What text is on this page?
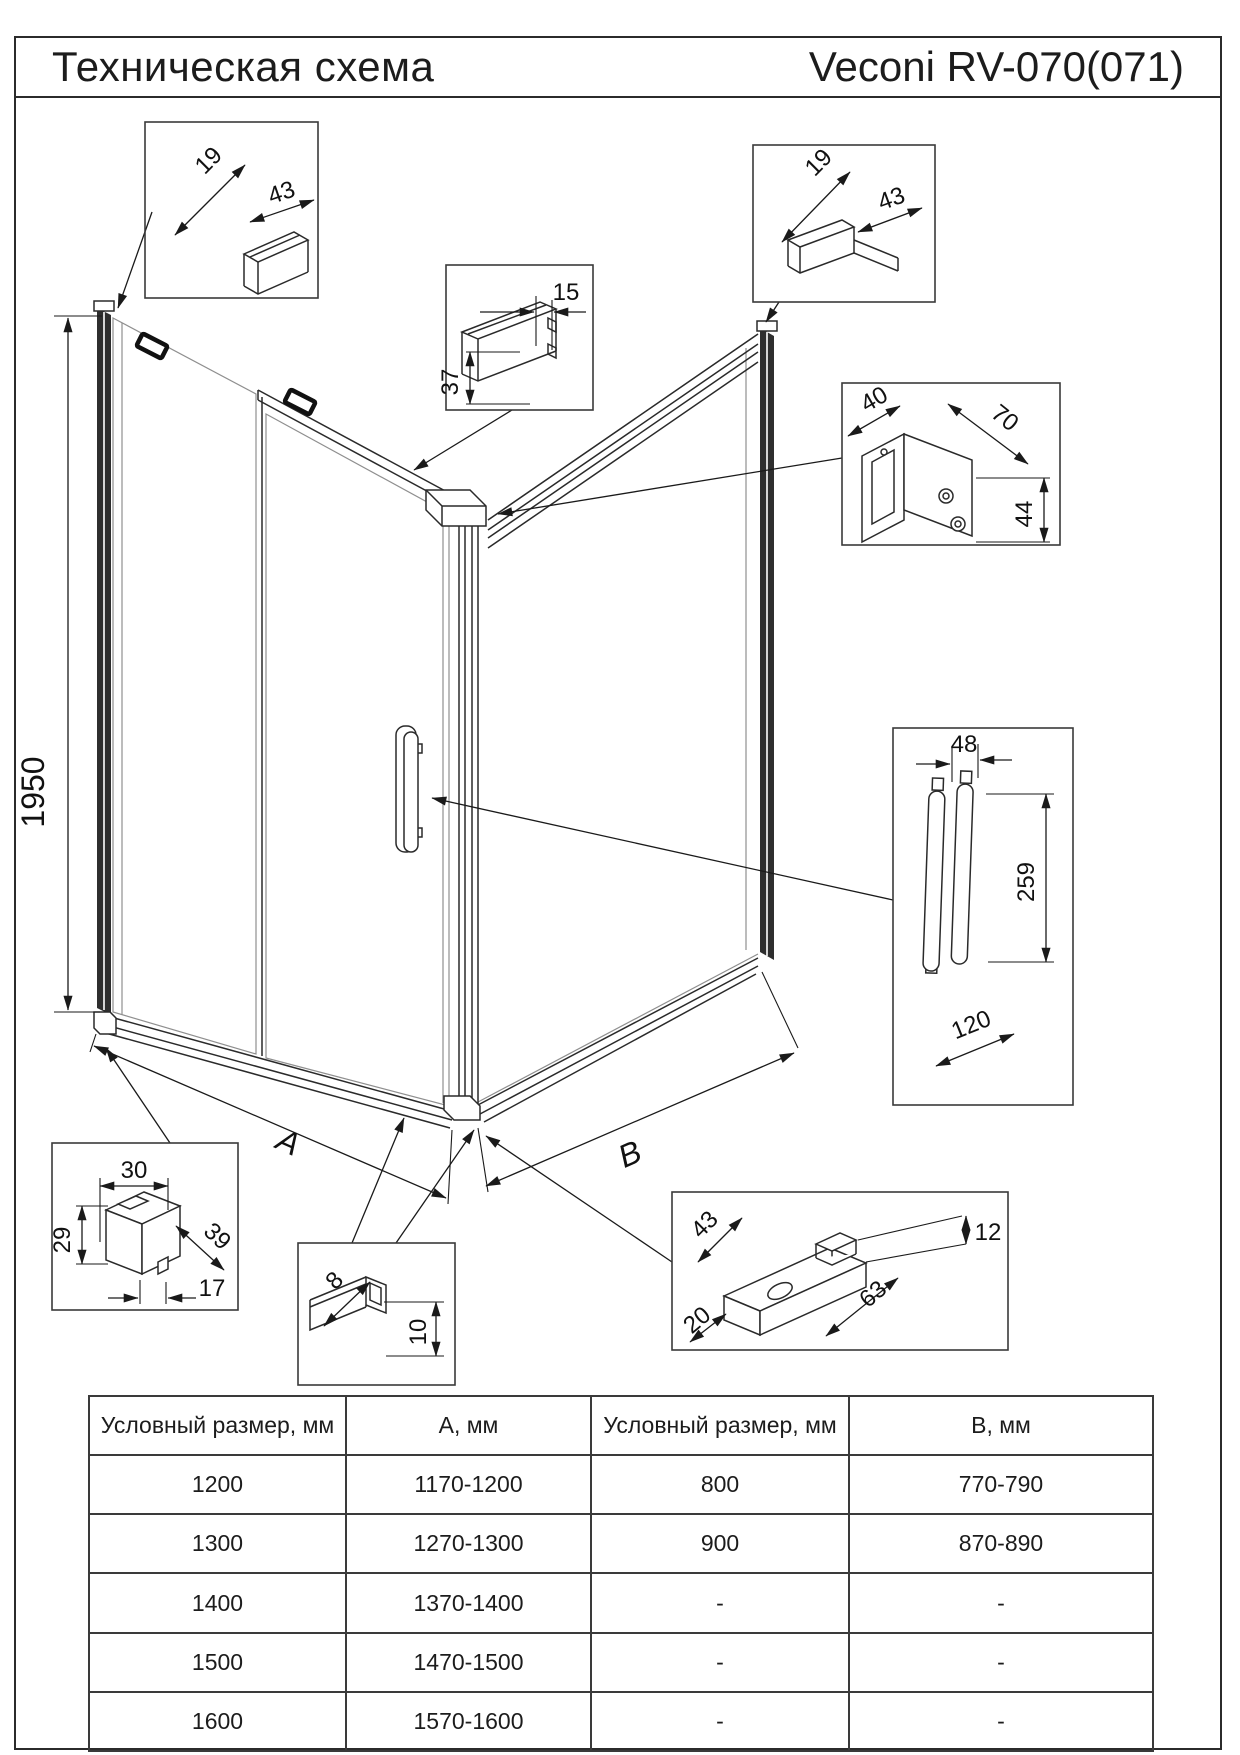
Техническая схема	Veconi RV-070(071)
1950
A	B
19
43
15
37
19
43
40	70
44
48
259
120
30
29	39
17	8
10
43	12
63
20
Условный размер, мм	А, мм	Условный размер, мм	В, мм
1200	1170-1200	800	770-790
1300	1270-1300	900	870-890
1400	1370-1400	-	-
1500	1470-1500	-	-
1600	1570-1600	-	-
